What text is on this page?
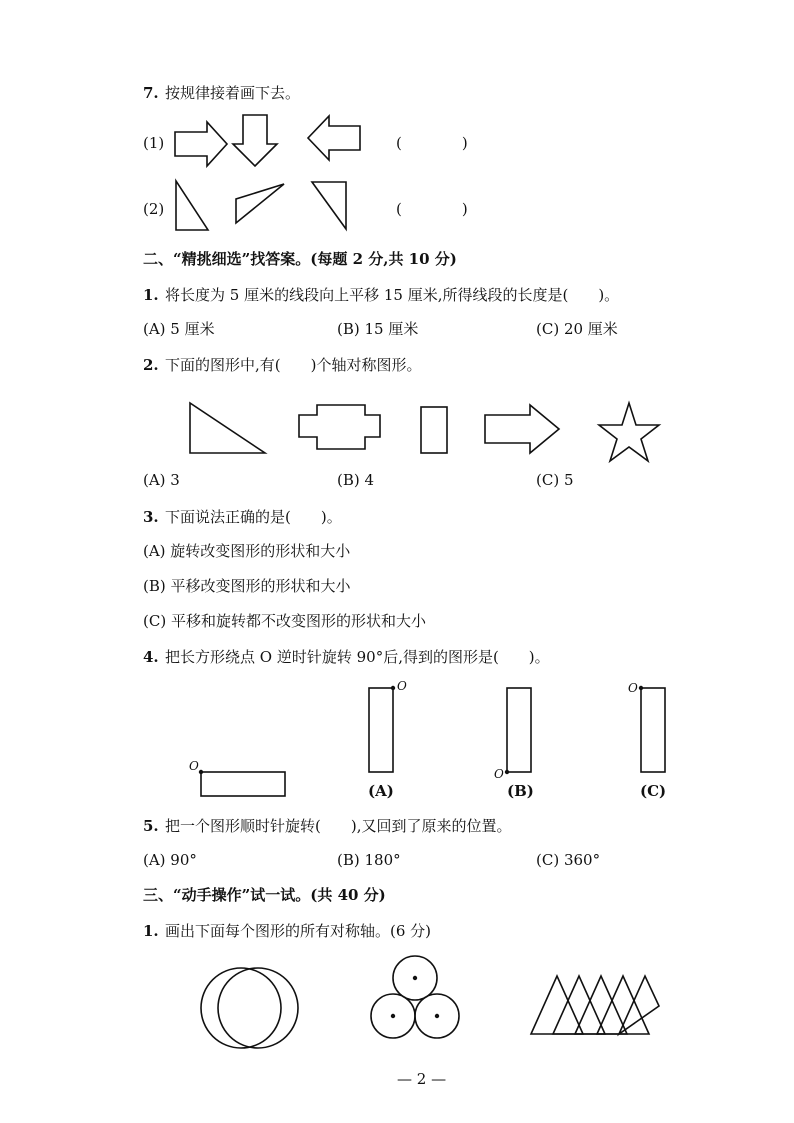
7. 按规律接着画下去。
(1)	(　　　　)
(2)	(　　　　)
二、“精挑细选”找答案。(每题 2 分,共 10 分)
1. 将长度为 5 厘米的线段向上平移 15 厘米,所得线段的长度是(　　)。
(A) 5 厘米	(B) 15 厘米	(C) 20 厘米
2. 下面的图形中,有(　　)个轴对称图形。
(A) 3	(B) 4	(C) 5
3. 下面说法正确的是(　　)。
(A) 旋转改变图形的形状和大小
(B) 平移改变图形的形状和大小
(C) 平移和旋转都不改变图形的形状和大小
4. 把长方形绕点 O 逆时针旋转 90°后,得到的图形是(　　)。
O
O
O
O
(A)	(B)	(C)
5. 把一个图形顺时针旋转(　　),又回到了原来的位置。
(A) 90°	(B) 180°	(C) 360°
三、“动手操作”试一试。(共 40 分)
1. 画出下面每个图形的所有对称轴。(6 分)
— 2 —
